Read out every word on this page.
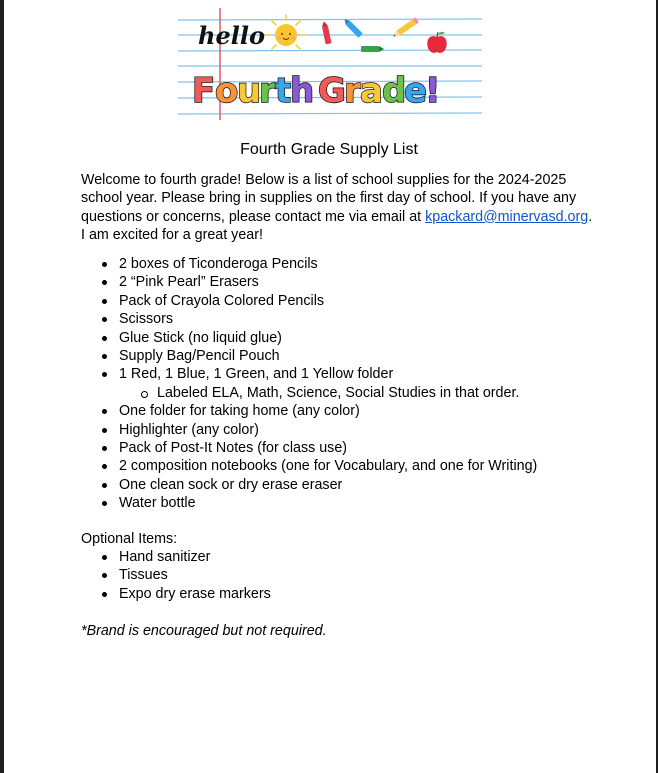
hello
F o
u
r t
h G
r a d
e
!
Fourth Grade Supply List
Welcome to fourth grade! Below is a list of school supplies for the 2024-2025
school year. Please bring in supplies on the first day of school. If you have any
questions or concerns, please contact me via email at kpackard@minervasd.org.
I am excited for a great year!
2 boxes of Ticonderoga Pencils
2 “Pink Pearl” Erasers
Pack of Crayola Colored Pencils
Scissors
Glue Stick (no liquid glue)
Supply Bag/Pencil Pouch
1 Red, 1 Blue, 1 Green, and 1 Yellow folder
Labeled ELA, Math, Science, Social Studies in that order.
One folder for taking home (any color)
Highlighter (any color)
Pack of Post-It Notes (for class use)
2 composition notebooks (one for Vocabulary, and one for Writing)
One clean sock or dry erase eraser
Water bottle
Optional Items:
Hand sanitizer
Tissues
Expo dry erase markers
*Brand is encouraged but not required.
